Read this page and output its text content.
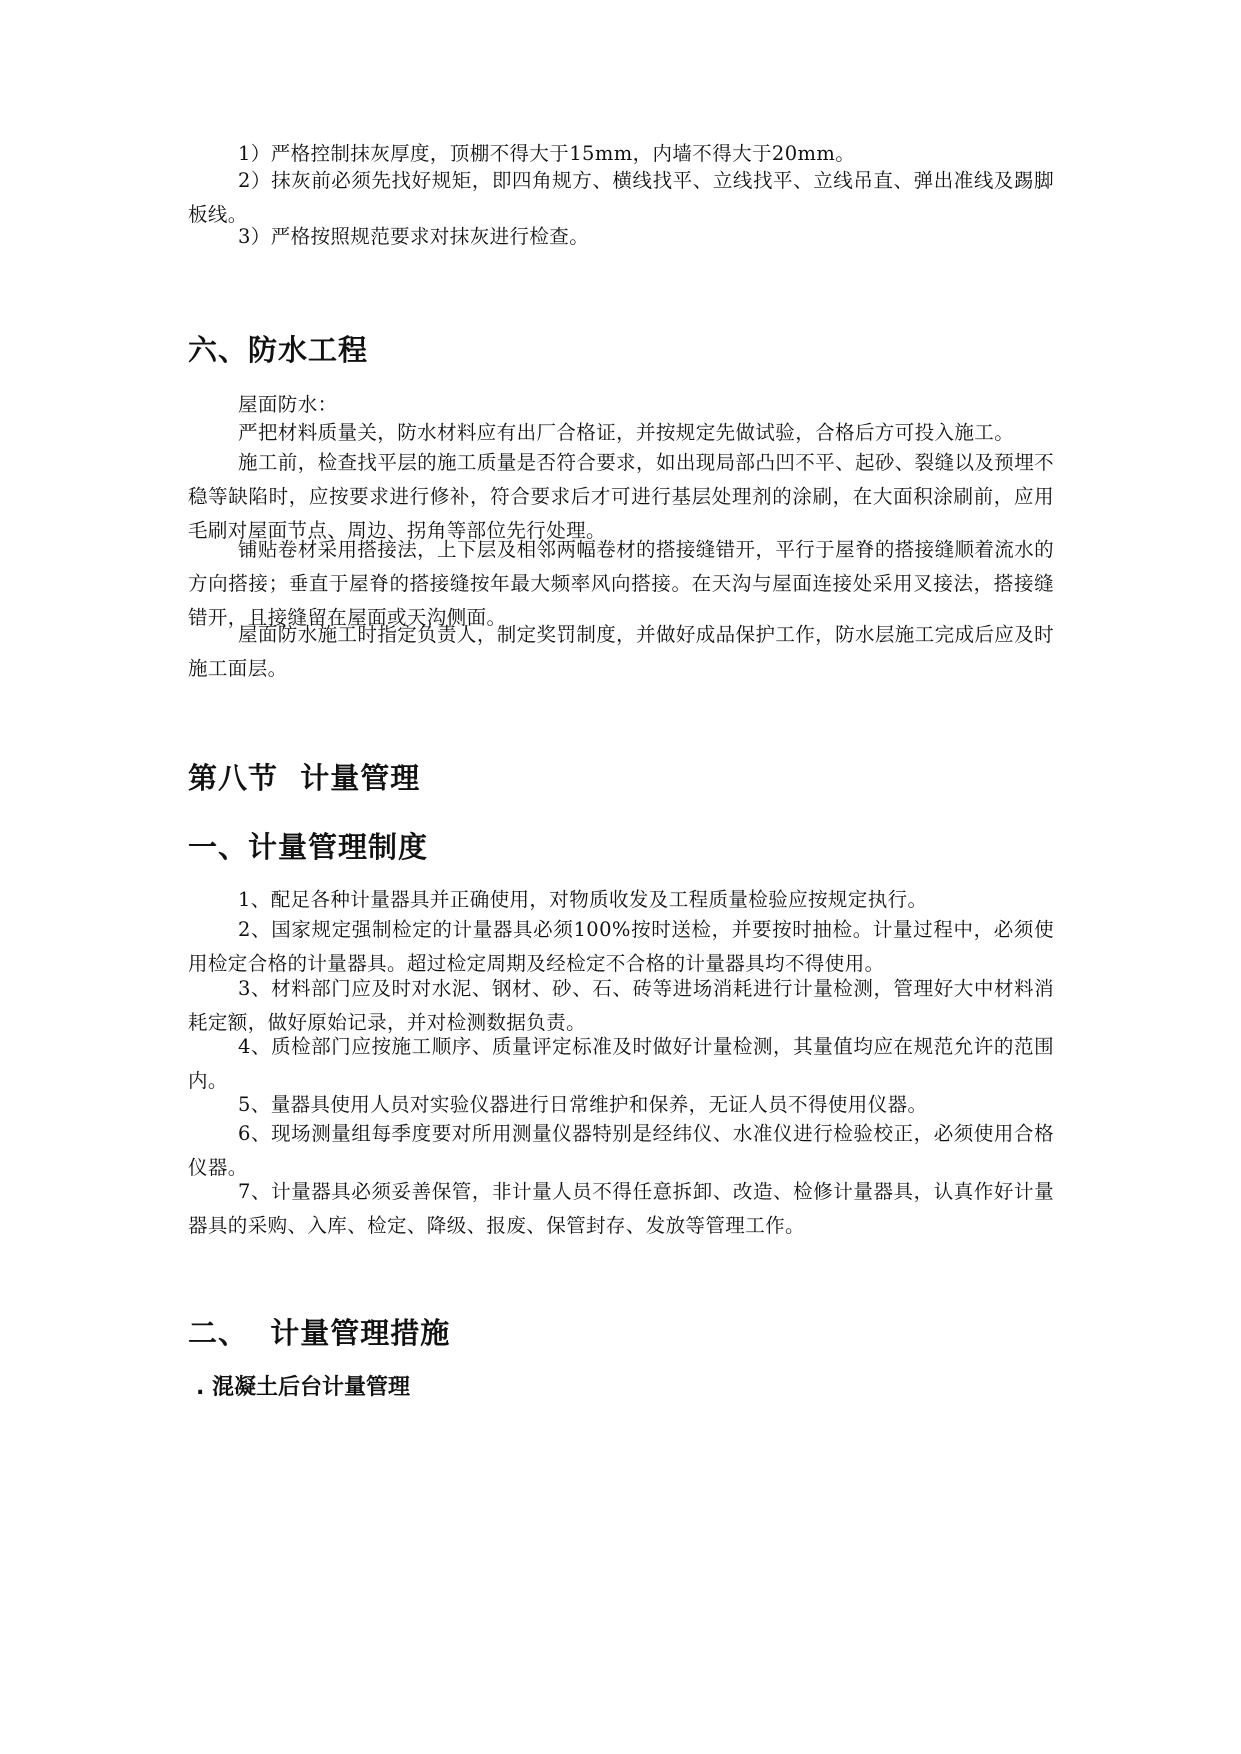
1）严格控制抹灰厚度，顶棚不得大于15mm，内墙不得大于20mm。

2）抹灰前必须先找好规矩，即四角规方、横线找平、立线找平、立线吊直、弹出准线及踢脚板线。

3）严格按照规范要求对抹灰进行检查。

六、防水工程

屋面防水：

严把材料质量关，防水材料应有出厂合格证，并按规定先做试验，合格后方可投入施工。

施工前，检查找平层的施工质量是否符合要求，如出现局部凸凹不平、起砂、裂缝以及预埋不稳等缺陷时，应按要求进行修补，符合要求后才可进行基层处理剂的涂刷，在大面积涂刷前，应用毛刷对屋面节点、周边、拐角等部位先行处理。

铺贴卷材采用搭接法，上下层及相邻两幅卷材的搭接缝错开，平行于屋脊的搭接缝顺着流水的方向搭接；垂直于屋脊的搭接缝按年最大频率风向搭接。在天沟与屋面连接处采用叉接法，搭接缝错开，且接缝留在屋面或天沟侧面。

屋面防水施工时指定负责人，制定奖罚制度，并做好成品保护工作，防水层施工完成后应及时施工面层。

第八节  计量管理
一、计量管理制度

1、配足各种计量器具并正确使用，对物质收发及工程质量检验应按规定执行。

2、国家规定强制检定的计量器具必须100%按时送检，并要按时抽检。计量过程中，必须使用检定合格的计量器具。超过检定周期及经检定不合格的计量器具均不得使用。

3、材料部门应及时对水泥、钢材、砂、石、砖等进场消耗进行计量检测，管理好大中材料消耗定额，做好原始记录，并对检测数据负责。

4、质检部门应按施工顺序、质量评定标准及时做好计量检测，其量值均应在规范允许的范围内。

5、量器具使用人员对实验仪器进行日常维护和保养，无证人员不得使用仪器。

6、现场测量组每季度要对所用测量仪器特别是经纬仪、水准仪进行检验校正，必须使用合格仪器。

7、计量器具必须妥善保管，非计量人员不得任意拆卸、改造、检修计量器具，认真作好计量器具的采购、入库、检定、降级、报废、保管封存、发放等管理工作。

二、  计量管理措施
. 混凝土后台计量管理
